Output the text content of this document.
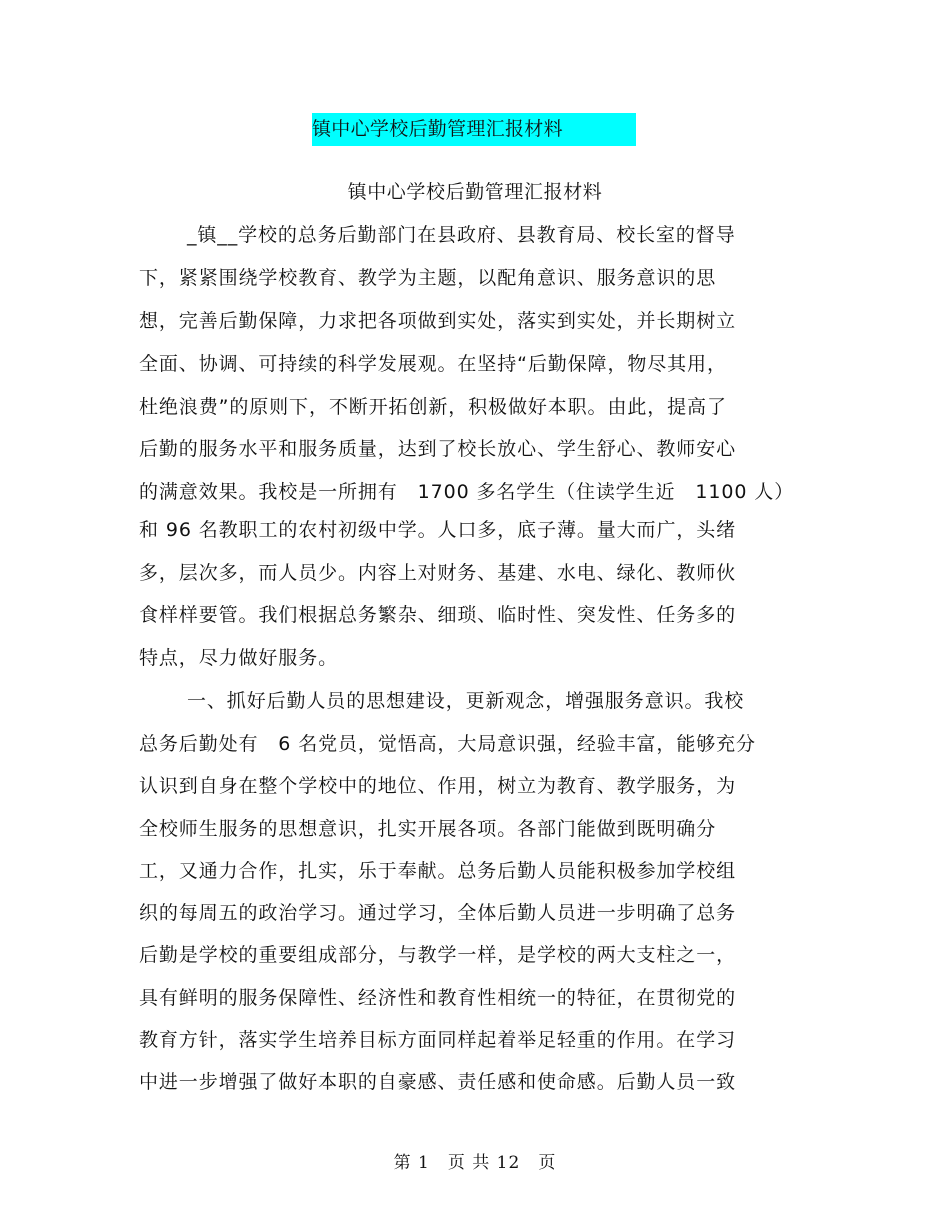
镇中心学校后勤管理汇报材料
镇中心学校后勤管理汇报材料
_镇__学校的总务后勤部门在县政府、县教育局、校长室的督导
下，紧紧围绕学校教育、教学为主题，以配角意识、服务意识的思
想，完善后勤保障，力求把各项做到实处，落实到实处，并长期树立
全面、协调、可持续的科学发展观。在坚持“后勤保障，物尽其用，
杜绝浪费”的原则下，不断开拓创新，积极做好本职。由此，提高了
后勤的服务水平和服务质量，达到了校长放心、学生舒心、教师安心
的满意效果。我校是一所拥有　1700 多名学生（住读学生近　1100 人）
和 96 名教职工的农村初级中学。人口多，底子薄。量大而广，头绪
多，层次多，而人员少。内容上对财务、基建、水电、绿化、教师伙
食样样要管。我们根据总务繁杂、细琐、临时性、突发性、任务多的
特点，尽力做好服务。
一、抓好后勤人员的思想建设，更新观念，增强服务意识。我校
总务后勤处有　6 名党员，觉悟高，大局意识强，经验丰富，能够充分
认识到自身在整个学校中的地位、作用，树立为教育、教学服务，为
全校师生服务的思想意识，扎实开展各项。各部门能做到既明确分
工，又通力合作，扎实，乐于奉献。总务后勤人员能积极参加学校组
织的每周五的政治学习。通过学习，全体后勤人员进一步明确了总务
后勤是学校的重要组成部分，与教学一样，是学校的两大支柱之一，
具有鲜明的服务保障性、经济性和教育性相统一的特征，在贯彻党的
教育方针，落实学生培养目标方面同样起着举足轻重的作用。在学习
中进一步增强了做好本职的自豪感、责任感和使命感。后勤人员一致
第 1　页 共 12　页
